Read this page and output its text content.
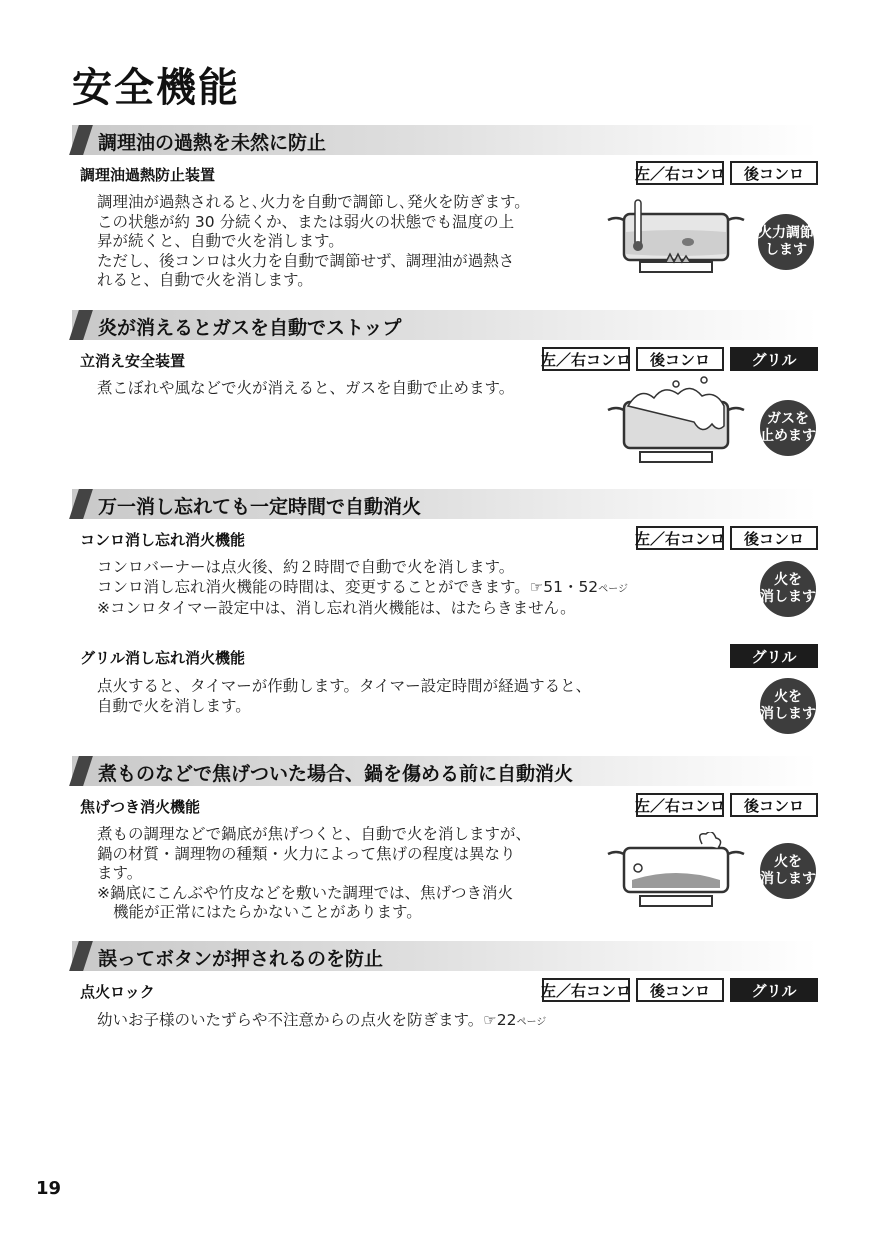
安全機能
調理油の過熱を未然に防止
調理油過熱防止装置	左／右コンロ	後コンロ

調理油が過熱されると､火力を自動で調節し､発火を防ぎます。

この状態が約 30 分続くか、または弱火の状態でも温度の上

昇が続くと、自動で火を消します。

ただし、後コンロは火力を自動で調節せず、調理油が過熱さ

れると、自動で火を消します。

火力調節
します
炎が消えるとガスを自動でストップ
立消え安全装置	左／右コンロ	後コンロ	グリル

煮こぼれや風などで火が消えると、ガスを自動で止めます。

ガスを
止めます
万一消し忘れても一定時間で自動消火
コンロ消し忘れ消火機能	左／右コンロ	後コンロ

コンロバーナーは点火後、約２時間で自動で火を消します。

コンロ消し忘れ消火機能の時間は、変更することができます。☞51・52ページ

※コンロタイマー設定中は、消し忘れ消火機能は、はたらきません。

火を
消します
グリル消し忘れ消火機能	グリル

点火すると、タイマーが作動します。タイマー設定時間が経過すると、

自動で火を消します。	火を
消します
煮ものなどで焦げついた場合、鍋を傷める前に自動消火
焦げつき消火機能	左／右コンロ	後コンロ

煮もの調理などで鍋底が焦げつくと、自動で火を消しますが、

鍋の材質・調理物の種類・火力によって焦げの程度は異なり

ます。

※鍋底にこんぶや竹皮などを敷いた調理では、焦げつき消火

機能が正常にはたらかないことがあります。

火を
消します
誤ってボタンが押されるのを防止
点火ロック	左／右コンロ	後コンロ	グリル

幼いお子様のいたずらや不注意からの点火を防ぎます。☞22ページ

19
